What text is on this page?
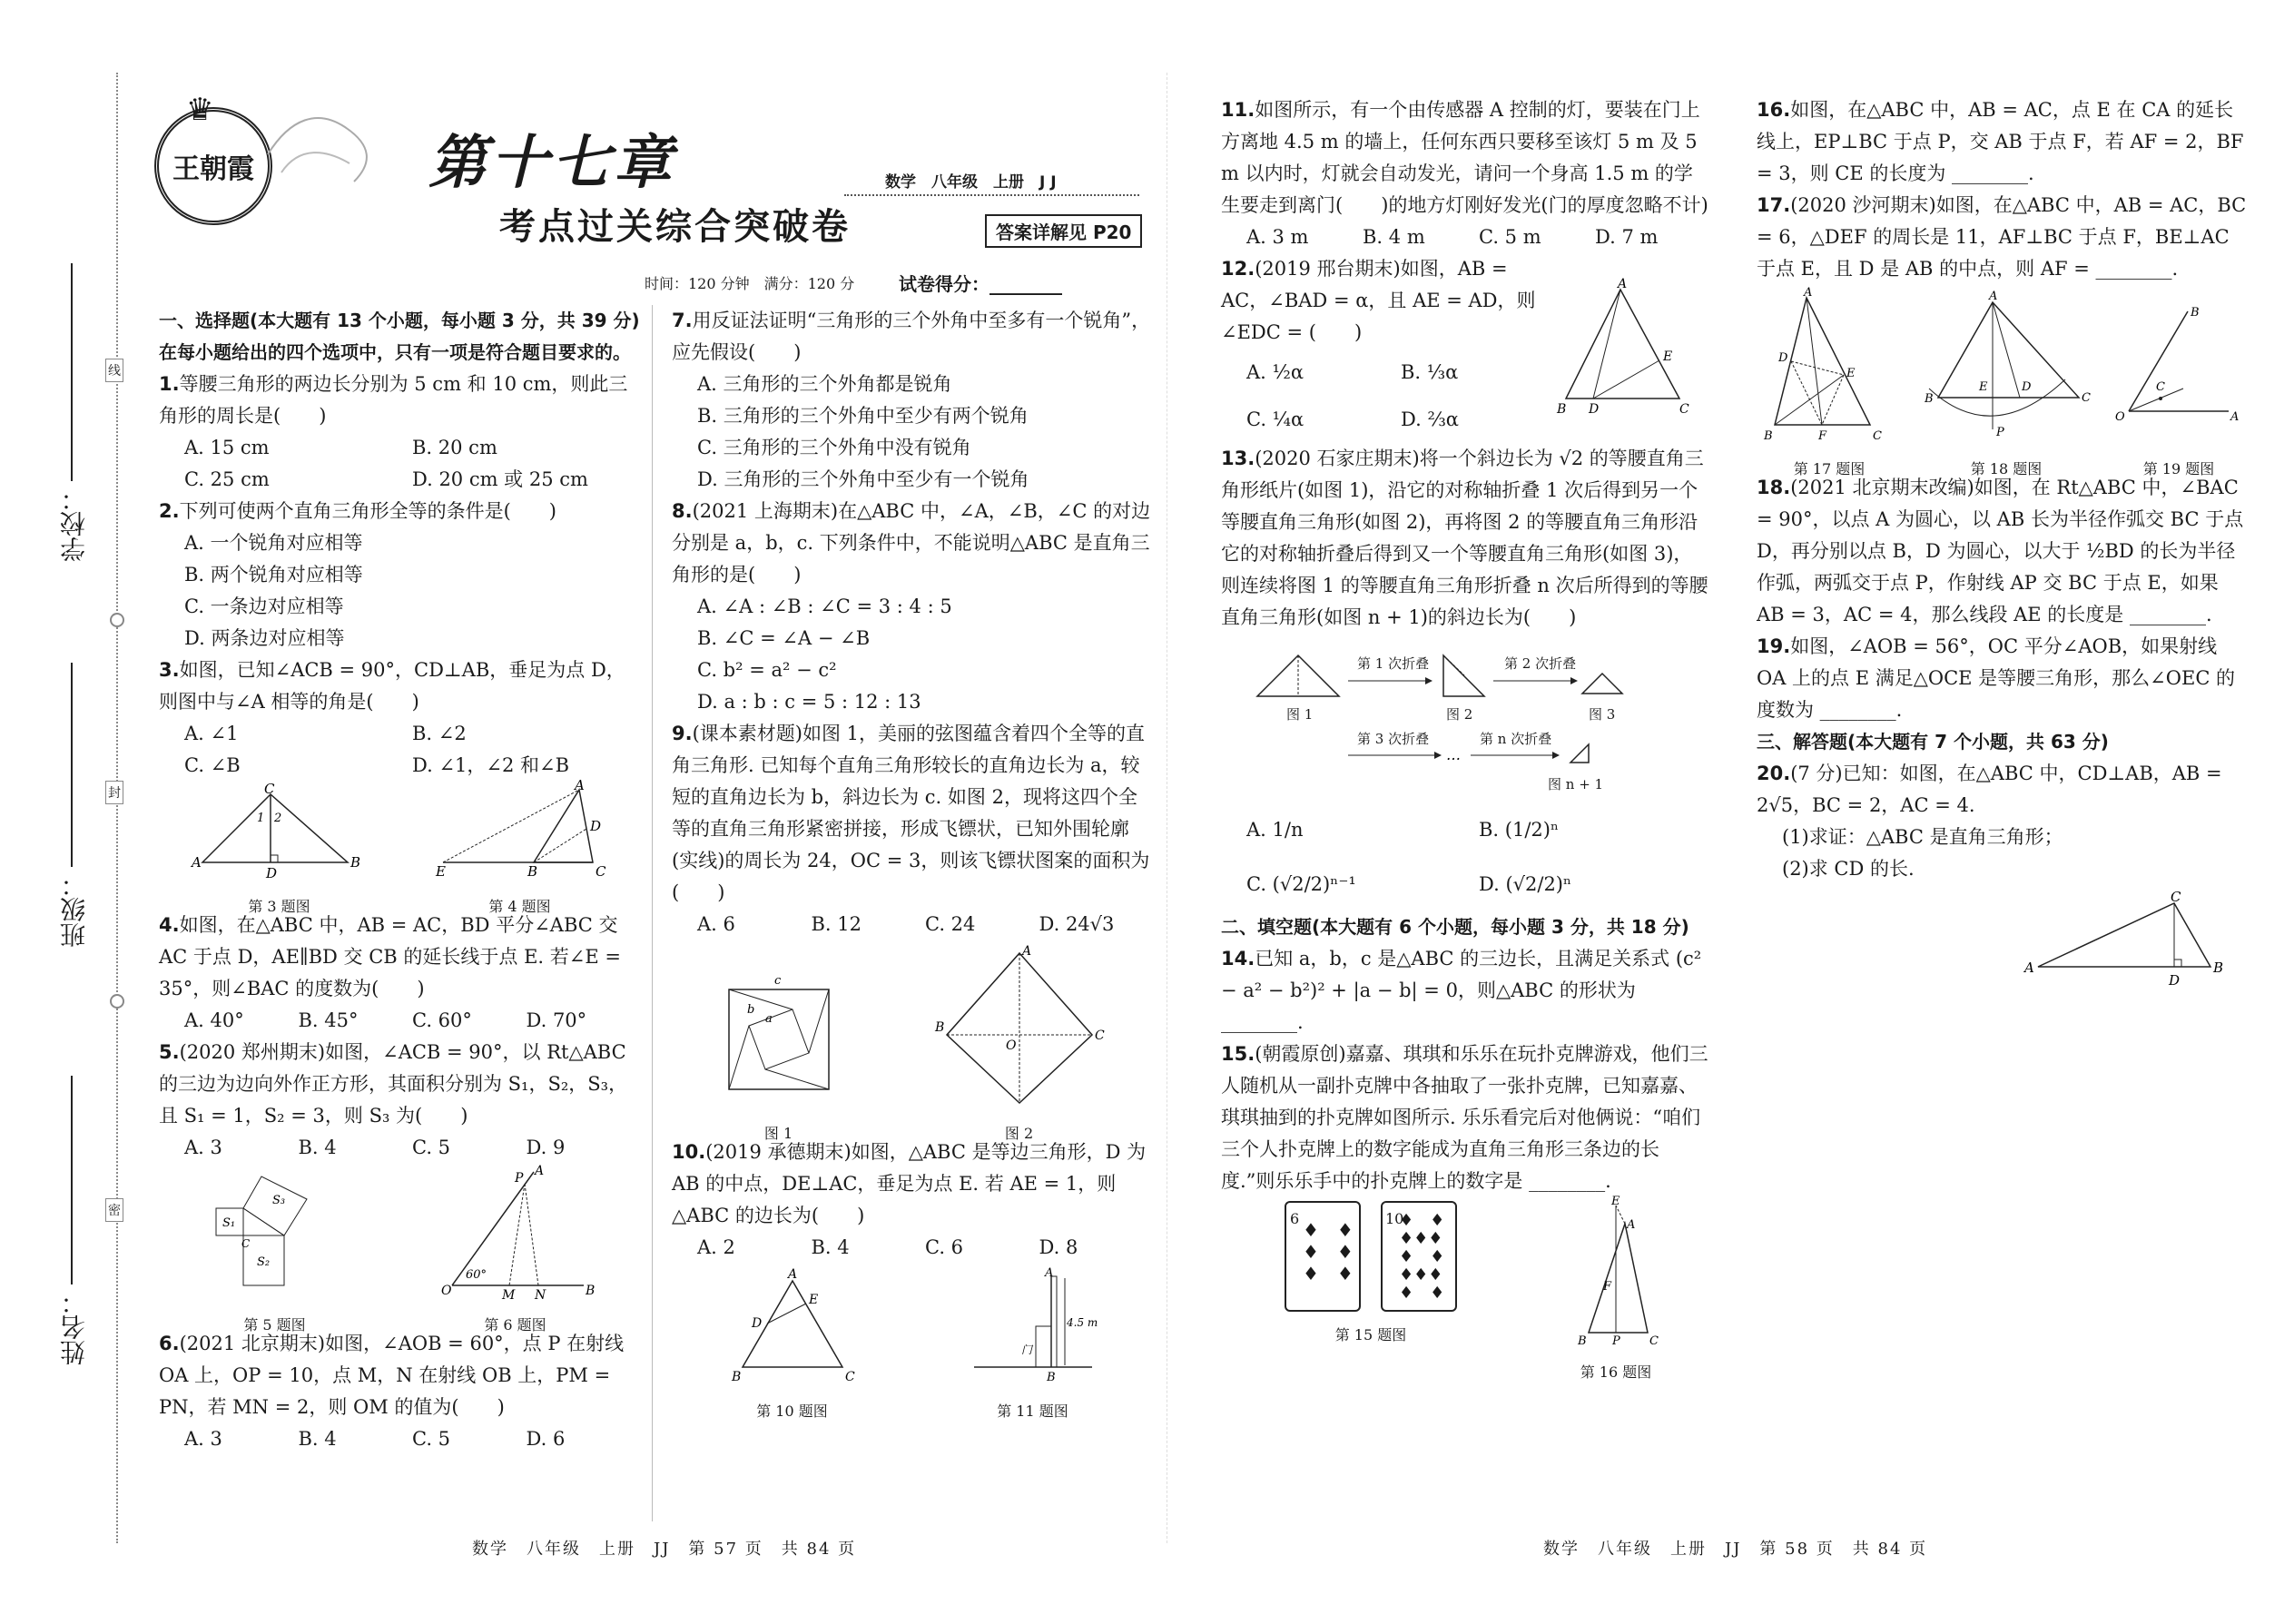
王朝霞
♛
第十七章
考点过关综合突破卷
数学　八年级　上册　J J
答案详解见 P20
时间：120 分钟　满分：120 分 试卷得分：________
线
封
密
学校：
班级：
姓名：

一、选择题(本大题有 13 个小题，每小题 3 分，共 39 分)在每小题给出的四个选项中，只有一项是符合题目要求的。

1.等腰三角形的两边长分别为 5 cm 和 10 cm，则此三角形的周长是(　　)

A. 15 cm	B. 20 cm
C. 25 cm	D. 20 cm 或 25 cm

2.下列可使两个直角三角形全等的条件是(　　)

A. 一个锐角对应相等
B. 两个锐角对应相等
C. 一条边对应相等
D. 两条边对应相等

3.如图，已知∠ACB = 90°，CD⊥AB，垂足为点 D，则图中与∠A 相等的角是(　　)

A. ∠1	B. ∠2
C. ∠B	D. ∠1，∠2 和∠B
A
C
B
D
1 2
第 3 题图
A
E	B	C
D
第 4 题图

4.如图，在△ABC 中，AB = AC，BD 平分∠ABC 交 AC 于点 D，AE∥BD 交 CB 的延长线于点 E. 若∠E = 35°，则∠BAC 的度数为(　　)

A. 40°	B. 45°	C. 60°	D. 70°

5.(2020 郑州期末)如图，∠ACB = 90°，以 Rt△ABC 的三边为边向外作正方形，其面积分别为 S₁，S₂，S₃，且 S₁ = 1，S₂ = 3，则 S₃ 为(　　)

A. 3	B. 4	C. 5	D. 9
S₁
S₃
S₂
C
第 5 题图
O
P A
M N	B
60°
第 6 题图

6.(2021 北京期末)如图，∠AOB = 60°，点 P 在射线 OA 上，OP = 10，点 M，N 在射线 OB 上，PM = PN，若 MN = 2，则 OM 的值为(　　)

A. 3	B. 4	C. 5	D. 6

7.用反证法证明“三角形的三个外角中至多有一个锐角”，应先假设(　　)

A. 三角形的三个外角都是锐角
B. 三角形的三个外角中至少有两个锐角
C. 三角形的三个外角中没有锐角
D. 三角形的三个外角中至少有一个锐角

8.(2021 上海期末)在△ABC 中，∠A，∠B，∠C 的对边分别是 a，b，c. 下列条件中，不能说明△ABC 是直角三角形的是(　　)

A. ∠A : ∠B : ∠C = 3 : 4 : 5
B. ∠C = ∠A − ∠B
C. b² = a² − c²
D. a : b : c = 5 : 12 : 13

9.(课本素材题)如图 1，美丽的弦图蕴含着四个全等的直角三角形. 已知每个直角三角形较长的直角边长为 a，较短的直角边长为 b，斜边长为 c. 如图 2，现将这四个全等的直角三角形紧密拼接，形成飞镖状，已知外围轮廓(实线)的周长为 24，OC = 3，则该飞镖状图案的面积为(　　)

A. 6	B. 12	C. 24	D. 24√3
c
b
a
图 1
A
B
O
C
图 2

10.(2019 承德期末)如图，△ABC 是等边三角形，D 为 AB 的中点，DE⊥AC，垂足为点 E. 若 AE = 1，则△ABC 的边长为(　　)

A. 2	B. 4	C. 6	D. 8
A
D
E
B	C
第 10 题图
A
4.5 m
门
B
第 11 题图

11.如图所示，有一个由传感器 A 控制的灯，要装在门上方离地 4.5 m 的墙上，任何东西只要移至该灯 5 m 及 5 m 以内时，灯就会自动发光，请问一个身高 1.5 m 的学生要走到离门(　　)的地方灯刚好发光(门的厚度忽略不计)

A. 3 m	B. 4 m	C. 5 m	D. 7 m

12.(2019 邢台期末)如图，AB = AC，∠BAD = α，且 AE = AD，则∠EDC = (　　)

A. ½α	B. ⅓α
C. ¼α	D. ⅔α
A
B D
E
C

13.(2020 石家庄期末)将一个斜边长为 √2 的等腰直角三角形纸片(如图 1)，沿它的对称轴折叠 1 次后得到另一个等腰直角三角形(如图 2)，再将图 2 的等腰直角三角形沿它的对称轴折叠后得到又一个等腰直角三角形(如图 3)，则连续将图 1 的等腰直角三角形折叠 n 次后所得到的等腰直角三角形(如图 n + 1)的斜边长为(　　)

…
第 1 次折叠	第 2 次折叠
第 3 次折叠	第 n 次折叠
图 1	图 2	图 3
图 n + 1
A. 1/n	B. (1/2)ⁿ
C. (√2/2)ⁿ⁻¹	D. (√2/2)ⁿ

二、填空题(本大题有 6 个小题，每小题 3 分，共 18 分)

14.已知 a，b，c 是△ABC 的三边长，且满足关系式 (c² − a² − b²)² + |a − b| = 0，则△ABC 的形状为 ________.

15.(朝霞原创)嘉嘉、琪琪和乐乐在玩扑克牌游戏，他们三人随机从一副扑克牌中各抽取了一张扑克牌，已知嘉嘉、琪琪抽到的扑克牌如图所示. 乐乐看完后对他俩说：“咱们三个人扑克牌上的数字能成为直角三角形三条边的长度.”则乐乐手中的扑克牌上的数字是 ________.

6
♦　♦
♦　♦
♦　♦
10
♦　♦
♦♦♦
♦　♦
♦♦♦
♦　♦
第 15 题图
E
A
F
B P C
第 16 题图

16.如图，在△ABC 中，AB = AC，点 E 在 CA 的延长线上，EP⊥BC 于点 P，交 AB 于点 F，若 AF = 2，BF = 3，则 CE 的长度为 ________.

17.(2020 沙河期末)如图，在△ABC 中，AB = AC，BC = 6，△DEF 的周长是 11，AF⊥BC 于点 F，BE⊥AC 于点 E，且 D 是 AB 的中点，则 AF = ________.

A
D
E
B	F	C
第 17 题图
A
B
E	D
C
P
第 18 题图
O
B
C
A
第 19 题图

18.(2021 北京期末改编)如图，在 Rt△ABC 中，∠BAC = 90°，以点 A 为圆心，以 AB 长为半径作弧交 BC 于点 D，再分别以点 B，D 为圆心，以大于 ½BD 的长为半径作弧，两弧交于点 P，作射线 AP 交 BC 于点 E，如果 AB = 3，AC = 4，那么线段 AE 的长度是 ________.

19.如图，∠AOB = 56°，OC 平分∠AOB，如果射线 OA 上的点 E 满足△OCE 是等腰三角形，那么∠OEC 的度数为 ________.

三、解答题(本大题有 7 个小题，共 63 分)

20.(7 分)已知：如图，在△ABC 中，CD⊥AB，AB = 2√5，BC = 2，AC = 4.

(1)求证：△ABC 是直角三角形；

(2)求 CD 的长.

A
C
B
D
数学　八年级　上册　JJ　第 57 页　共 84 页	数学　八年级　上册　JJ　第 58 页　共 84 页
